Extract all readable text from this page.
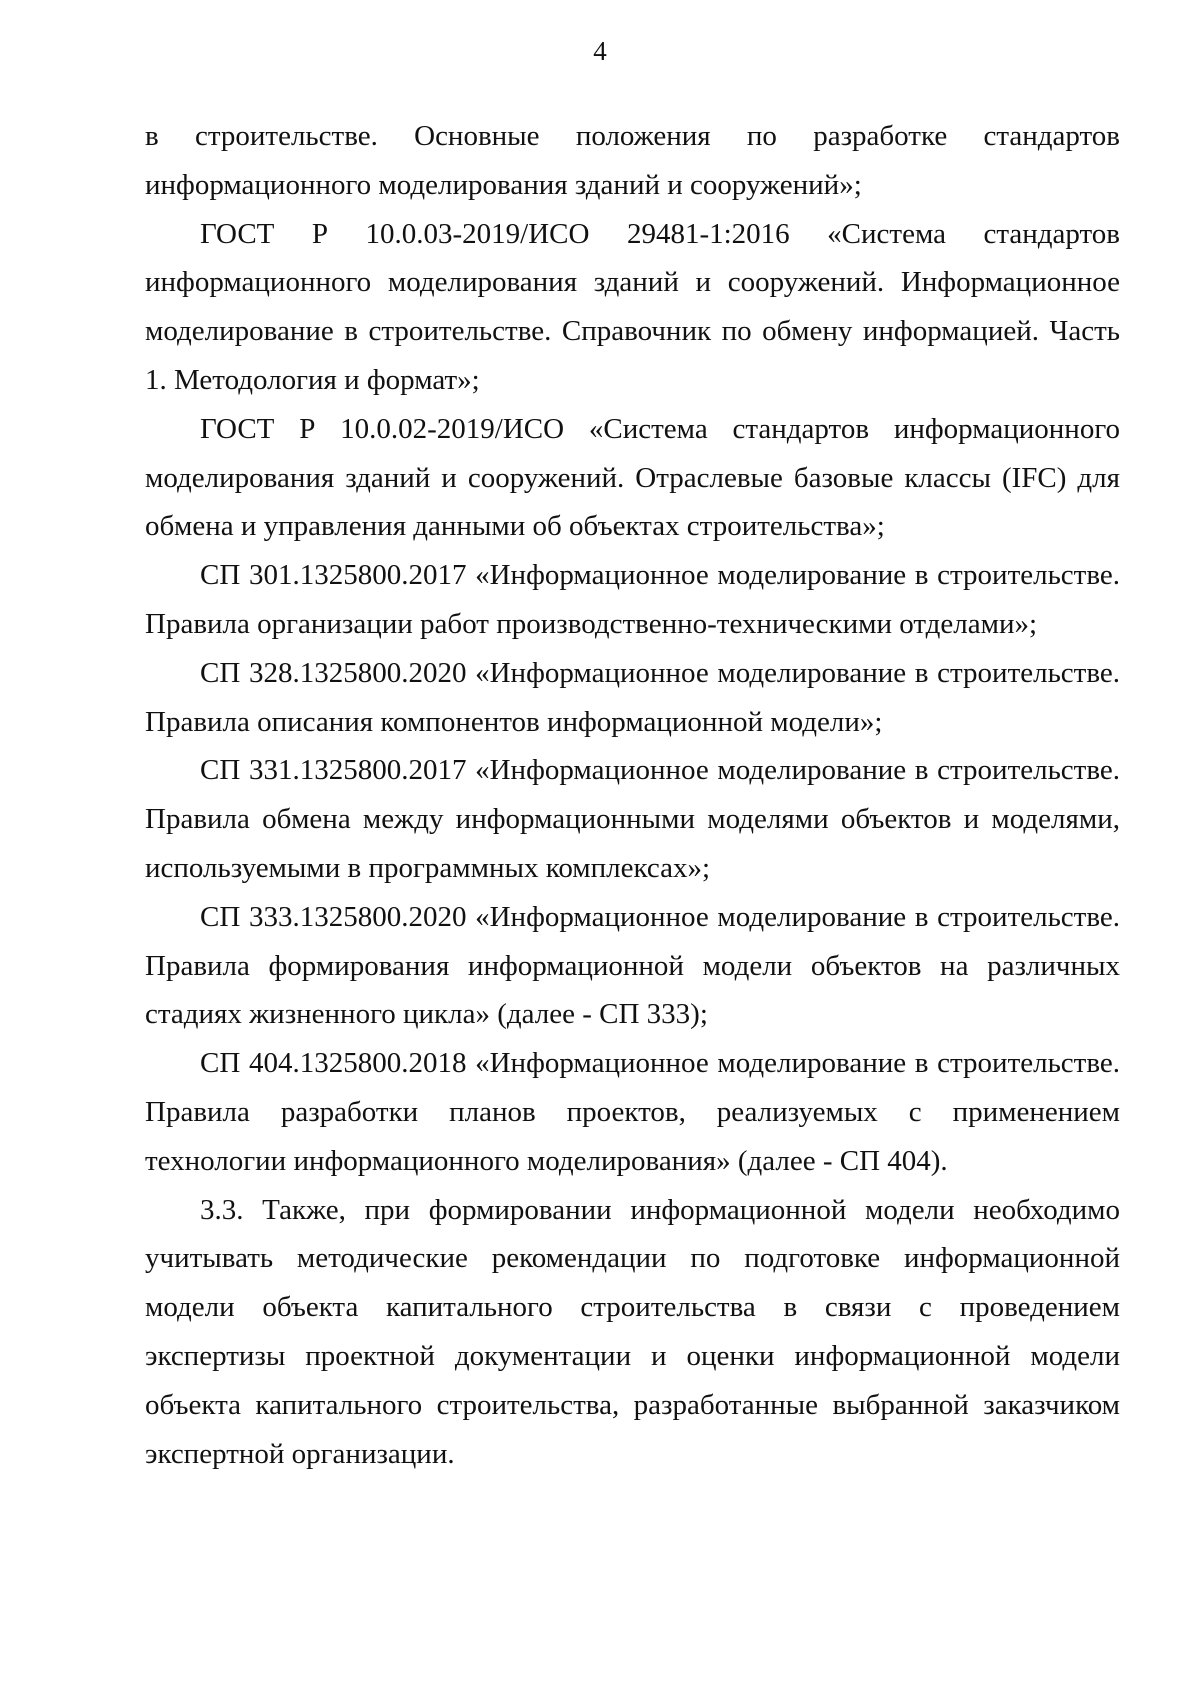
4

в строительстве. Основные положения по разработке стандартов информационного моделирования зданий и сооружений»;

ГОСТ Р 10.0.03-2019/ИСО 29481-1:2016 «Система стандартов информационного моделирования зданий и сооружений. Информационное моделирование в строительстве. Справочник по обмену информацией. Часть 1. Методология и формат»;

ГОСТ Р 10.0.02-2019/ИСО «Система стандартов информационного моделирования зданий и сооружений. Отраслевые базовые классы (IFC) для обмена и управления данными об объектах строительства»;

СП 301.1325800.2017 «Информационное моделирование в строительстве. Правила организации работ производственно-техническими отделами»;

СП 328.1325800.2020 «Информационное моделирование в строительстве. Правила описания компонентов информационной модели»;

СП 331.1325800.2017 «Информационное моделирование в строительстве. Правила обмена между информационными моделями объектов и моделями, используемыми в программных комплексах»;

СП 333.1325800.2020 «Информационное моделирование в строительстве. Правила формирования информационной модели объектов на различных стадиях жизненного цикла» (далее - СП 333);

СП 404.1325800.2018 «Информационное моделирование в строительстве. Правила разработки планов проектов, реализуемых с применением технологии информационного моделирования» (далее - СП 404).

3.3. Также, при формировании информационной модели необходимо учитывать методические рекомендации по подготовке информационной модели объекта капитального строительства в связи с проведением экспертизы проектной документации и оценки информационной модели объекта капитального строительства, разработанные выбранной заказчиком экспертной организации.
